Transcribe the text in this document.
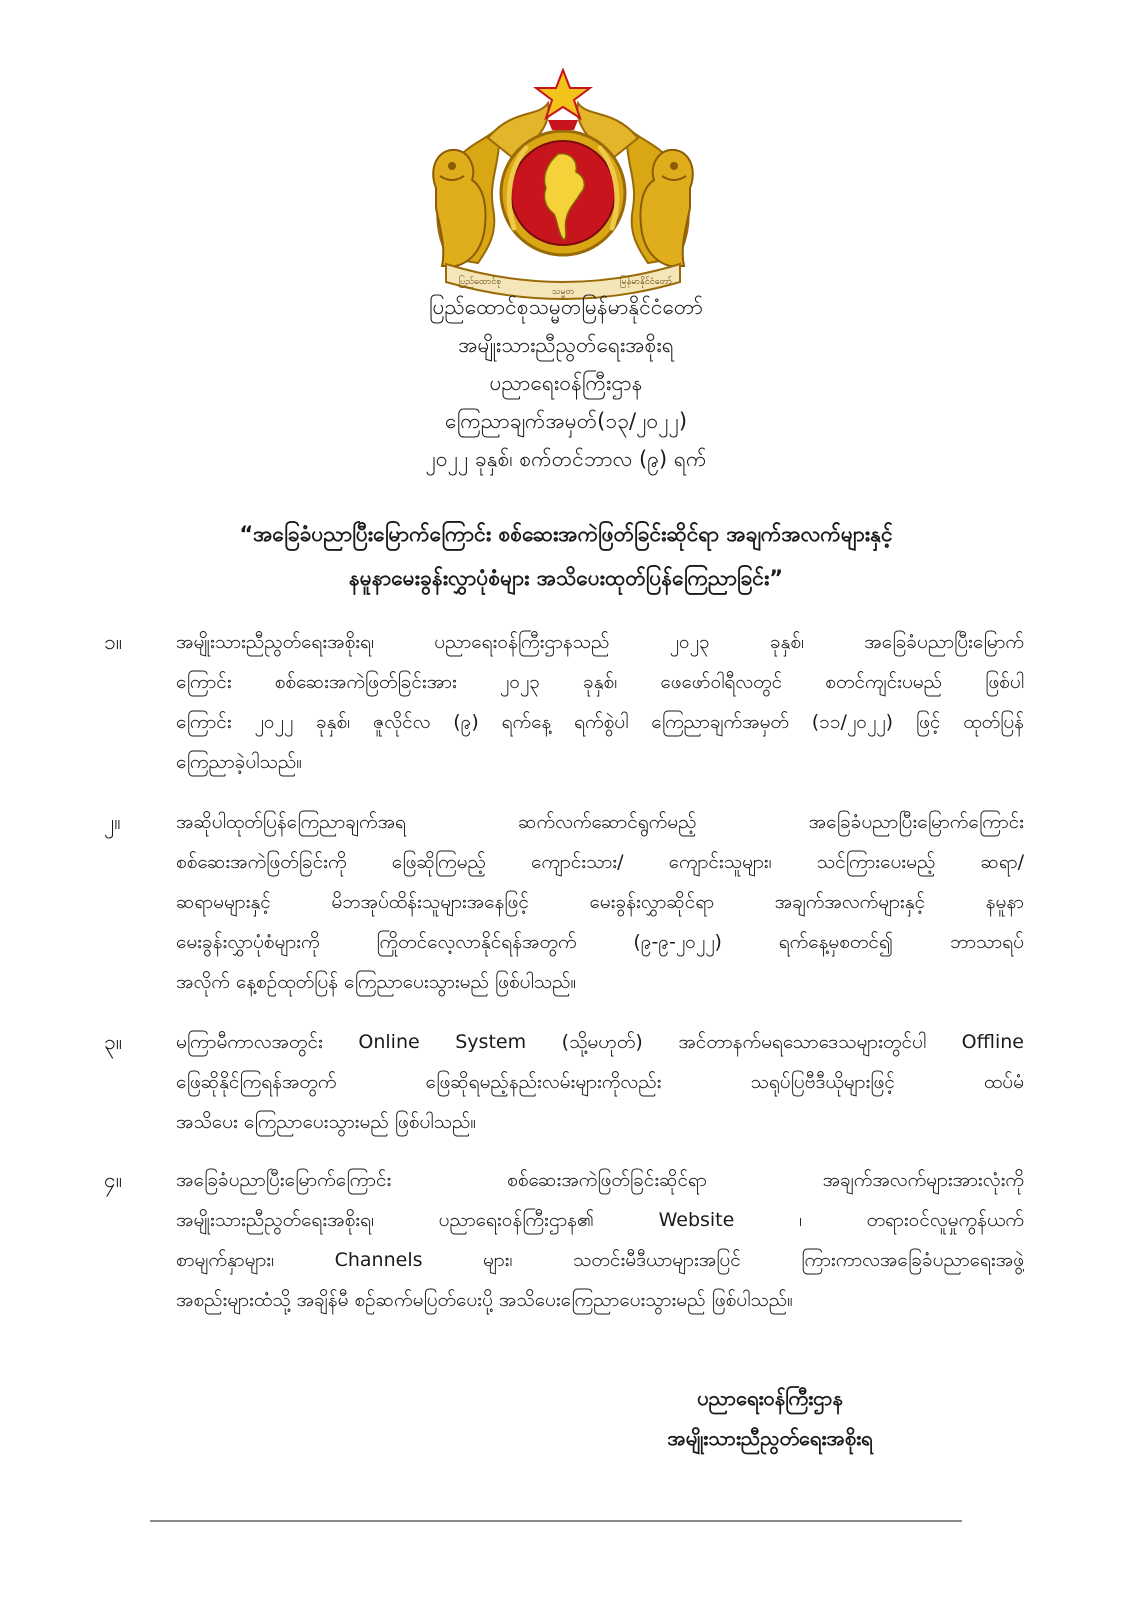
ပြည်ထောင်စု
သမ္မတ
မြန်မာနိုင်ငံတော်
ပြည်ထောင်စုသမ္မတမြန်မာနိုင်ငံတော်
အမျိုးသားညီညွတ်ရေးအစိုးရ
ပညာရေးဝန်ကြီးဌာန
ကြေညာချက်အမှတ်(၁၃/၂၀၂၂)
၂၀၂၂ ခုနှစ်၊ စက်တင်ဘာလ (၉) ရက်
“အခြေခံပညာပြီးမြောက်ကြောင်း စစ်ဆေးအကဲဖြတ်ခြင်းဆိုင်ရာ အချက်အလက်များနှင့်
နမူနာမေးခွန်းလွှာပုံစံများ အသိပေးထုတ်ပြန်ကြေညာခြင်း”
၁။	အမျိုးသားညီညွတ်ရေးအစိုးရ၊ ပညာရေးဝန်ကြီးဌာနသည် ၂၀၂၃ ခုနှစ်၊ အခြေခံပညာပြီးမြောက်
ကြောင်း စစ်ဆေးအကဲဖြတ်ခြင်းအား ၂၀၂၃ ခုနှစ်၊ ဖေဖော်ဝါရီလတွင် စတင်ကျင်းပမည် ဖြစ်ပါ
ကြောင်း ၂၀၂၂ ခုနှစ်၊ ဇူလိုင်လ (၉) ရက်နေ့ ရက်စွဲပါ ကြေညာချက်အမှတ် (၁၁/၂၀၂၂) ဖြင့် ထုတ်ပြန်
ကြေညာခဲ့ပါသည်။
၂။	အဆိုပါထုတ်ပြန်ကြေညာချက်အရ ဆက်လက်ဆောင်ရွက်မည့် အခြေခံပညာပြီးမြောက်ကြောင်း
စစ်ဆေးအကဲဖြတ်ခြင်းကို ဖြေဆိုကြမည့် ကျောင်းသား/ ကျောင်းသူများ၊ သင်ကြားပေးမည့် ဆရာ/
ဆရာမများနှင့် မိဘအုပ်ထိန်းသူများအနေဖြင့် မေးခွန်းလွှာဆိုင်ရာ အချက်အလက်များနှင့် နမူနာ
မေးခွန်းလွှာပုံစံများကို ကြိုတင်လေ့လာနိုင်ရန်အတွက် (၉-၉-၂၀၂၂) ရက်နေ့မှစတင်၍ ဘာသာရပ်
အလိုက် နေ့စဉ်ထုတ်ပြန် ကြေညာပေးသွားမည် ဖြစ်ပါသည်။
၃။	မကြာမီကာလအတွင်း Online System (သို့မဟုတ်) အင်တာနက်မရသောဒေသများတွင်ပါ Offline
ဖြေဆိုနိုင်ကြရန်အတွက် ဖြေဆိုရမည့်နည်းလမ်းများကိုလည်း သရုပ်ပြဗီဒီယိုများဖြင့် ထပ်မံ
အသိပေး ကြေညာပေးသွားမည် ဖြစ်ပါသည်။
၄။	အခြေခံပညာပြီးမြောက်ကြောင်း စစ်ဆေးအကဲဖြတ်ခြင်းဆိုင်ရာ အချက်အလက်များအားလုံးကို
အမျိုးသားညီညွတ်ရေးအစိုးရ၊ ပညာရေးဝန်ကြီးဌာန၏ Website ၊ တရားဝင်လူမှုကွန်ယက်
စာမျက်နှာများ၊ Channels များ၊ သတင်းမီဒီယာများအပြင် ကြားကာလအခြေခံပညာရေးအဖွဲ့
အစည်းများထံသို့ အချိန်မီ စဉ်ဆက်မပြတ်ပေးပို့ အသိပေးကြေညာပေးသွားမည် ဖြစ်ပါသည်။
ပညာရေးဝန်ကြီးဌာန
အမျိုးသားညီညွတ်ရေးအစိုးရ
